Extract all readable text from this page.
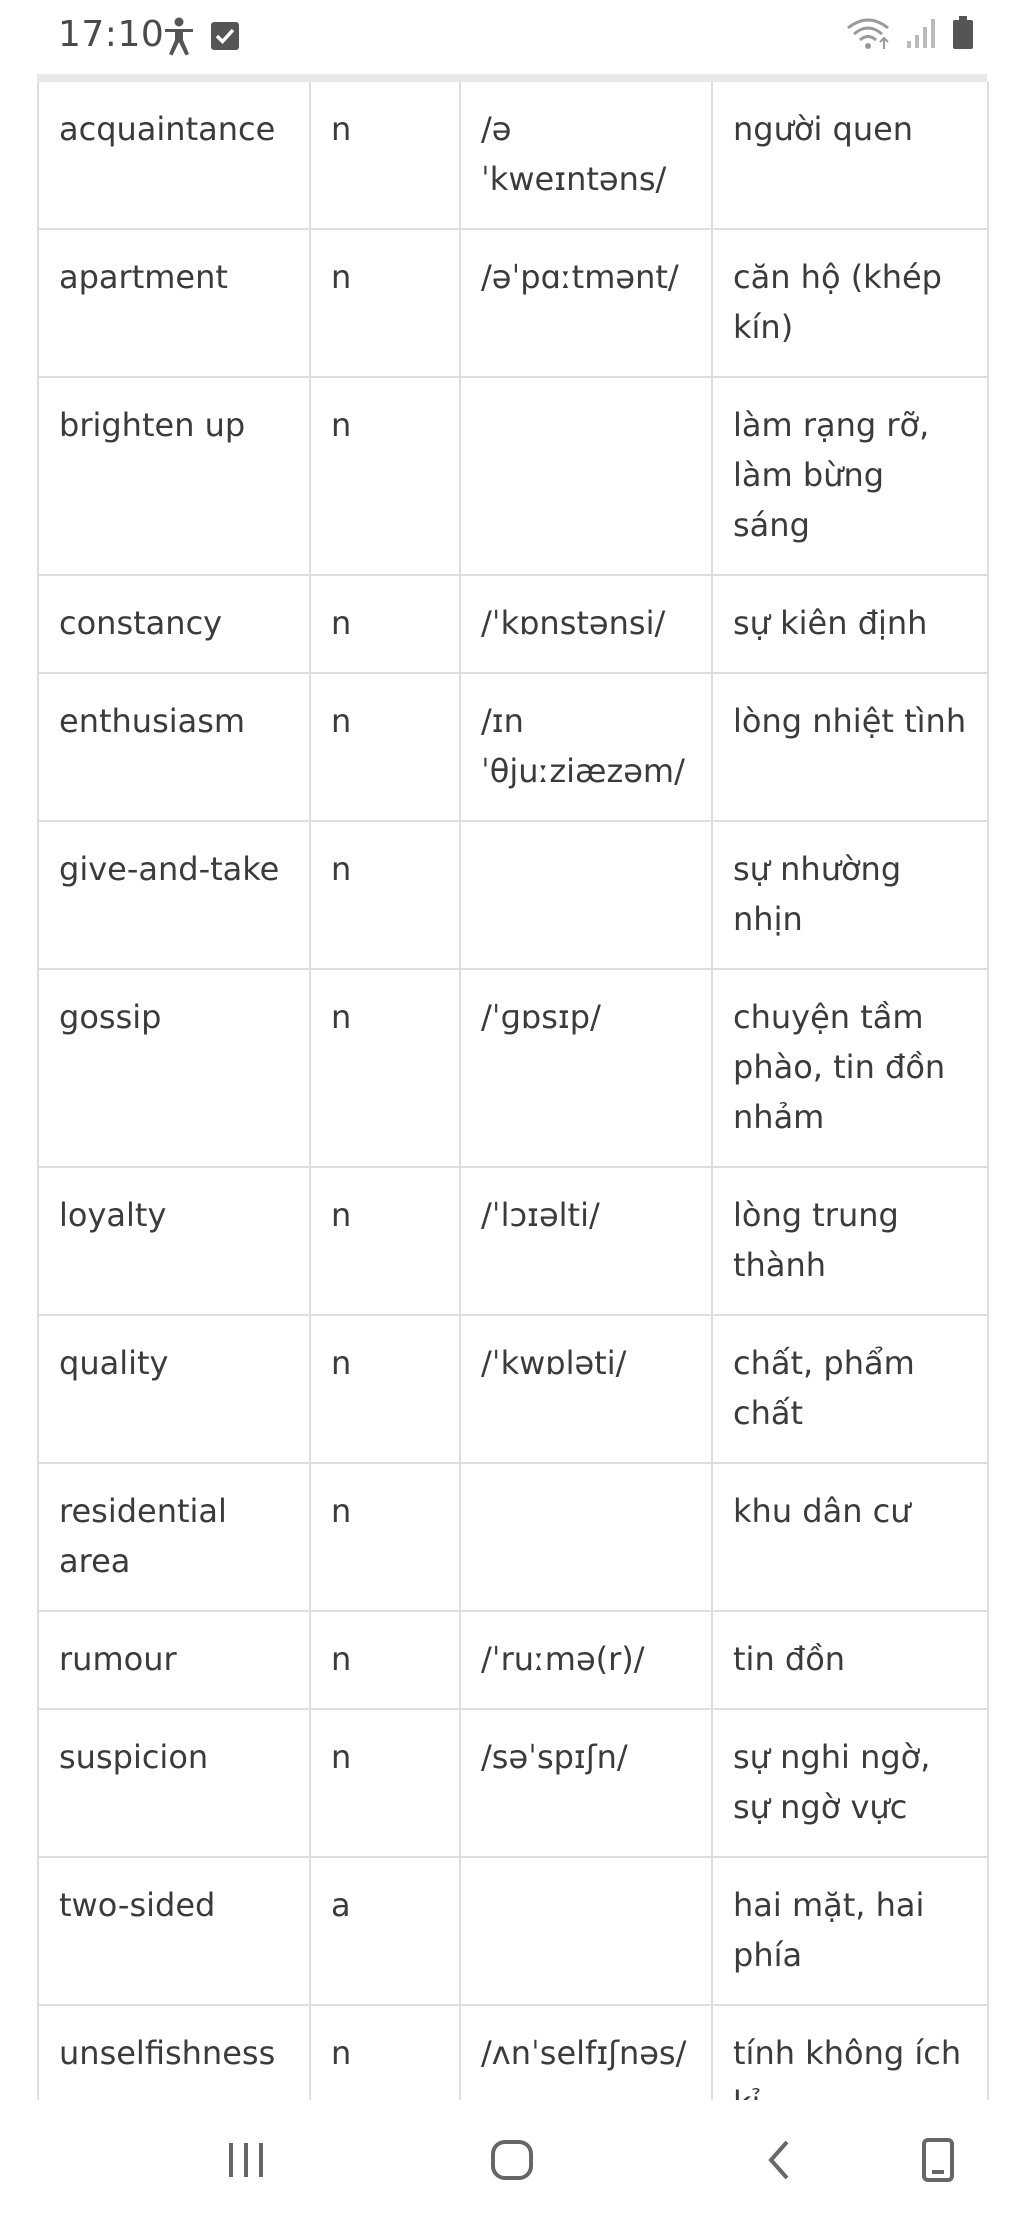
17:10
acquaintance	n	/ə ˈkweɪntəns/	người quen
apartment	n	/əˈpɑːtmənt/	căn hộ (khép kín)
brighten up	n		làm rạng rỡ, làm bừng sáng
constancy	n	/ˈkɒnstənsi/	sự kiên định
enthusiasm	n	/ɪn ˈθjuːziæzəm/	lòng nhiệt tình
give-and-take	n		sự nhường nhịn
gossip	n	/ˈɡɒsɪp/	chuyện tầm phào, tin đồn nhảm
loyalty	n	/ˈlɔɪəlti/	lòng trung thành
quality	n	/ˈkwɒləti/	chất, phẩm chất
residential area	n		khu dân cư
rumour	n	/ˈruːmə(r)/	tin đồn
suspicion	n	/səˈspɪʃn/	sự nghi ngờ, sự ngờ vực
two-sided	a		hai mặt, hai phía
unselfishness	n	/ʌnˈselfɪʃnəs/	tính không ích
